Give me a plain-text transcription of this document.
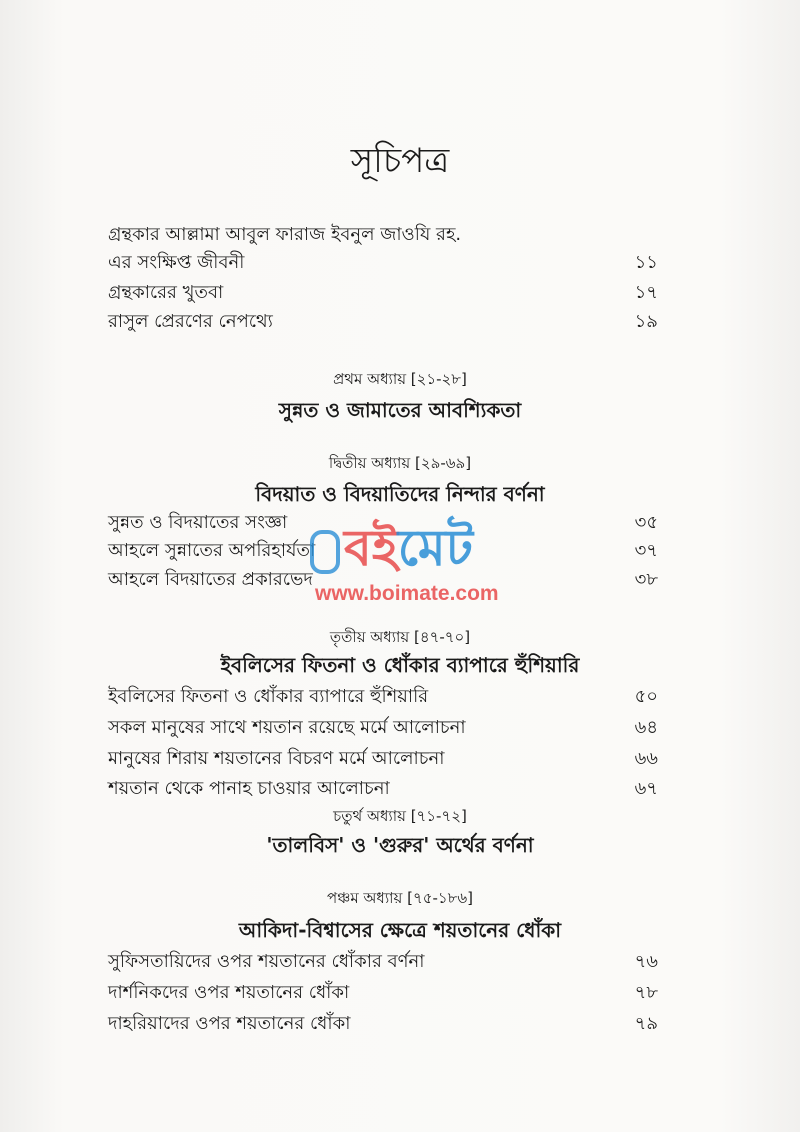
সূচিপত্র
গ্রন্থকার আল্লামা আবুল ফারাজ ইবনুল জাওযি রহ.
এর সংক্ষিপ্ত জীবনী	১১
গ্রন্থকারের খুতবা	১৭
রাসুল প্রেরণের নেপথ্যে	১৯
প্রথম অধ্যায় [২১-২৮]
সুন্নত ও জামাতের আবশ্যিকতা
দ্বিতীয় অধ্যায় [২৯-৬৯]
বিদয়াত ও বিদয়াতিদের নিন্দার বর্ণনা
সুন্নত ও বিদয়াতের সংজ্ঞা	৩৫
আহলে সুন্নাতের অপরিহার্যতা	৩৭
আহলে বিদয়াতের প্রকারভেদ	৩৮
তৃতীয় অধ্যায় [৪৭-৭০]
ইবলিসের ফিতনা ও ধোঁকার ব্যাপারে হুঁশিয়ারি
ইবলিসের ফিতনা ও ধোঁকার ব্যাপারে হুঁশিয়ারি	৫০
সকল মানুষের সাথে শয়তান রয়েছে মর্মে আলোচনা	৬৪
মানুষের শিরায় শয়তানের বিচরণ মর্মে আলোচনা	৬৬
শয়তান থেকে পানাহ চাওয়ার আলোচনা	৬৭
চতুর্থ অধ্যায় [৭১-৭২]
'তালবিস' ও 'গুরুর' অর্থের বর্ণনা
পঞ্চম অধ্যায় [৭৫-১৮৬]
আকিদা-বিশ্বাসের ক্ষেত্রে শয়তানের ধোঁকা
সুফিসতায়িদের ওপর শয়তানের ধোঁকার বর্ণনা	৭৬
দার্শনিকদের ওপর শয়তানের ধোঁকা	৭৮
দাহরিয়াদের ওপর শয়তানের ধোঁকা	৭৯
বইমেট
www.boimate.com
